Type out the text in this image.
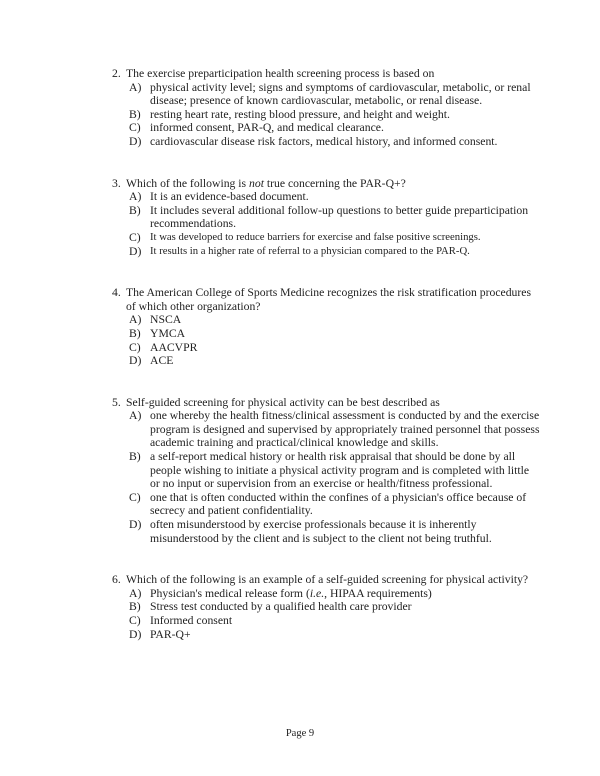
2. The exercise preparticipation health screening process is based on
A) physical activity level; signs and symptoms of cardiovascular, metabolic, or renal
disease; presence of known cardiovascular, metabolic, or renal disease.
B) resting heart rate, resting blood pressure, and height and weight.
C) informed consent, PAR-Q, and medical clearance.
D) cardiovascular disease risk factors, medical history, and informed consent.
3. Which of the following is not true concerning the PAR-Q+?
A) It is an evidence-based document.
B) It includes several additional follow-up questions to better guide preparticipation
recommendations.
C) It was developed to reduce barriers for exercise and false positive screenings.
D) It results in a higher rate of referral to a physician compared to the PAR-Q.
4. The American College of Sports Medicine recognizes the risk stratification procedures
of which other organization?
A) NSCA
B) YMCA
C) AACVPR
D) ACE
5. Self-guided screening for physical activity can be best described as
A) one whereby the health fitness/clinical assessment is conducted by and the exercise
program is designed and supervised by appropriately trained personnel that possess
academic training and practical/clinical knowledge and skills.
B) a self-report medical history or health risk appraisal that should be done by all
people wishing to initiate a physical activity program and is completed with little
or no input or supervision from an exercise or health/fitness professional.
C) one that is often conducted within the confines of a physician's office because of
secrecy and patient confidentiality.
D) often misunderstood by exercise professionals because it is inherently
misunderstood by the client and is subject to the client not being truthful.
6. Which of the following is an example of a self-guided screening for physical activity?
A) Physician's medical release form (i.e., HIPAA requirements)
B) Stress test conducted by a qualified health care provider
C) Informed consent
D) PAR-Q+
Page 9
